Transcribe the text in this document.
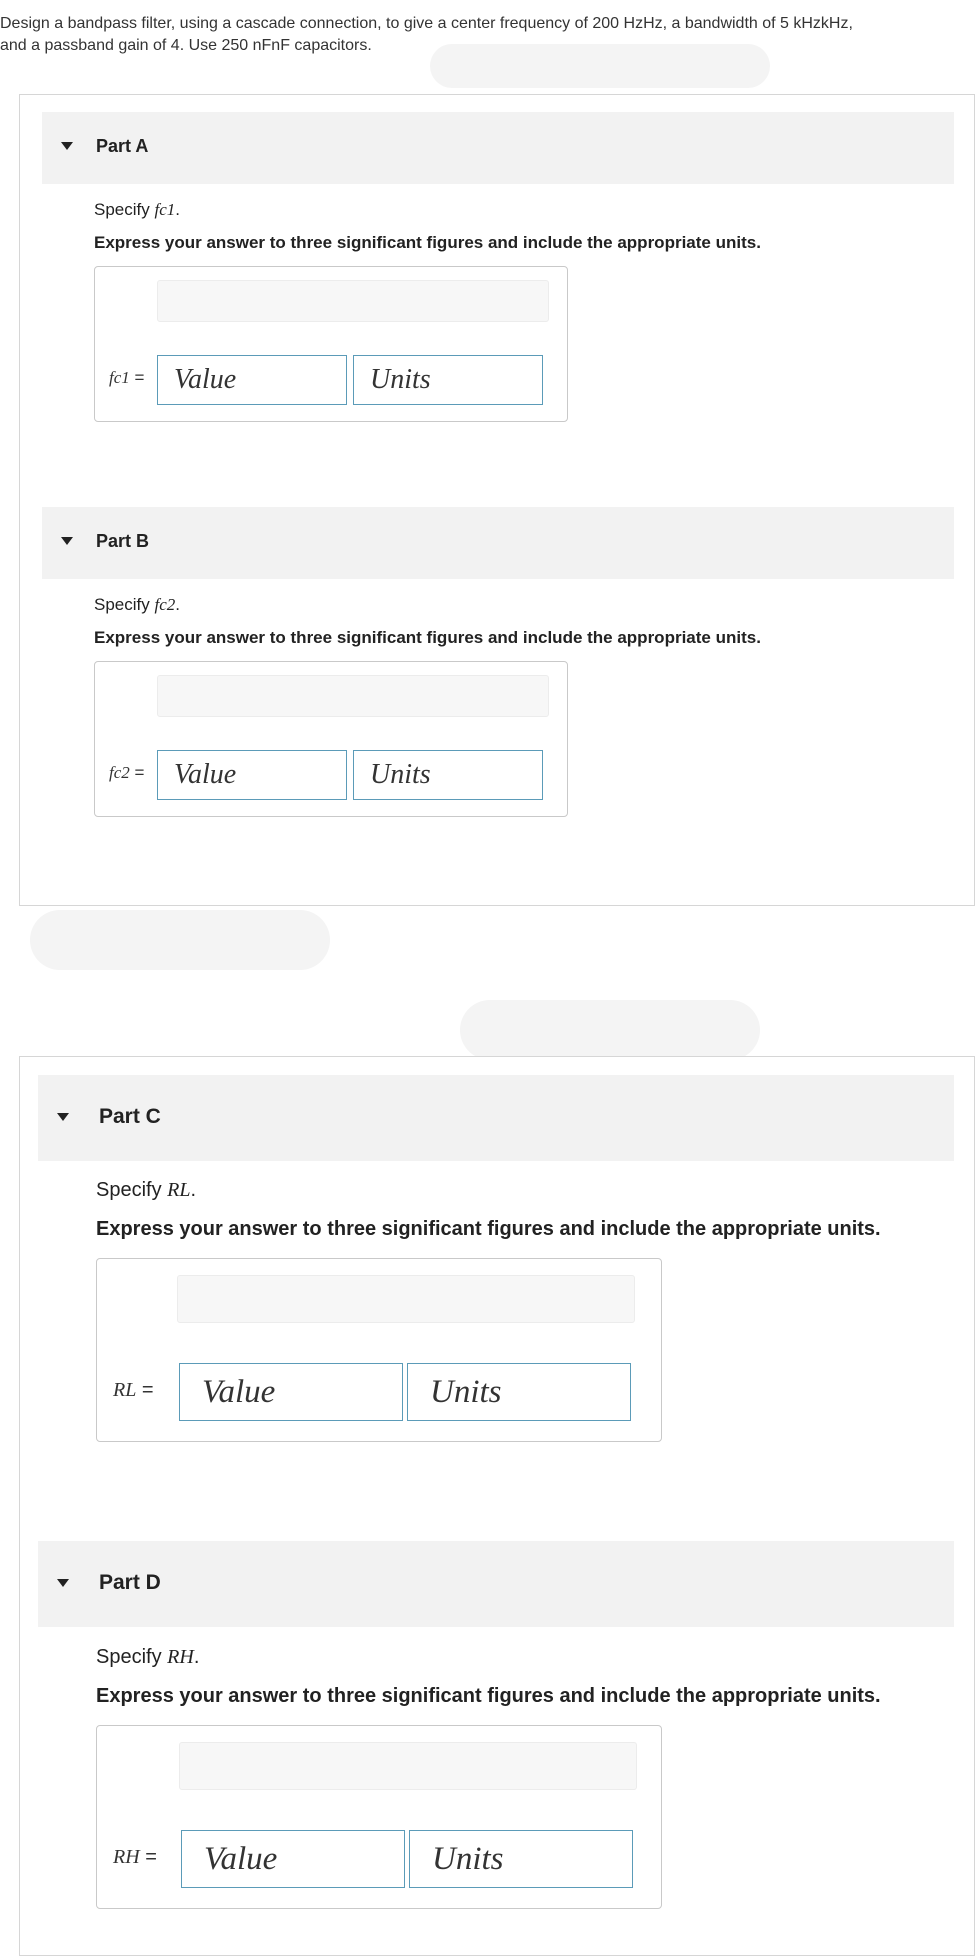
Design a bandpass filter, using a cascade connection, to give a center frequency of 200 HzHz, a bandwidth of 5 kHzkHz,
and a passband gain of 4. Use 250 nFnF capacitors.
Part A
Specify fc1.
Express your answer to three significant figures and include the appropriate units.
fc1 =	Value	Units
Part B
Specify fc2.
Express your answer to three significant figures and include the appropriate units.
fc2 =	Value	Units
Part C
Specify RL.
Express your answer to three significant figures and include the appropriate units.
RL =	Value	Units
Part D
Specify RH.
Express your answer to three significant figures and include the appropriate units.
RH =	Value	Units
